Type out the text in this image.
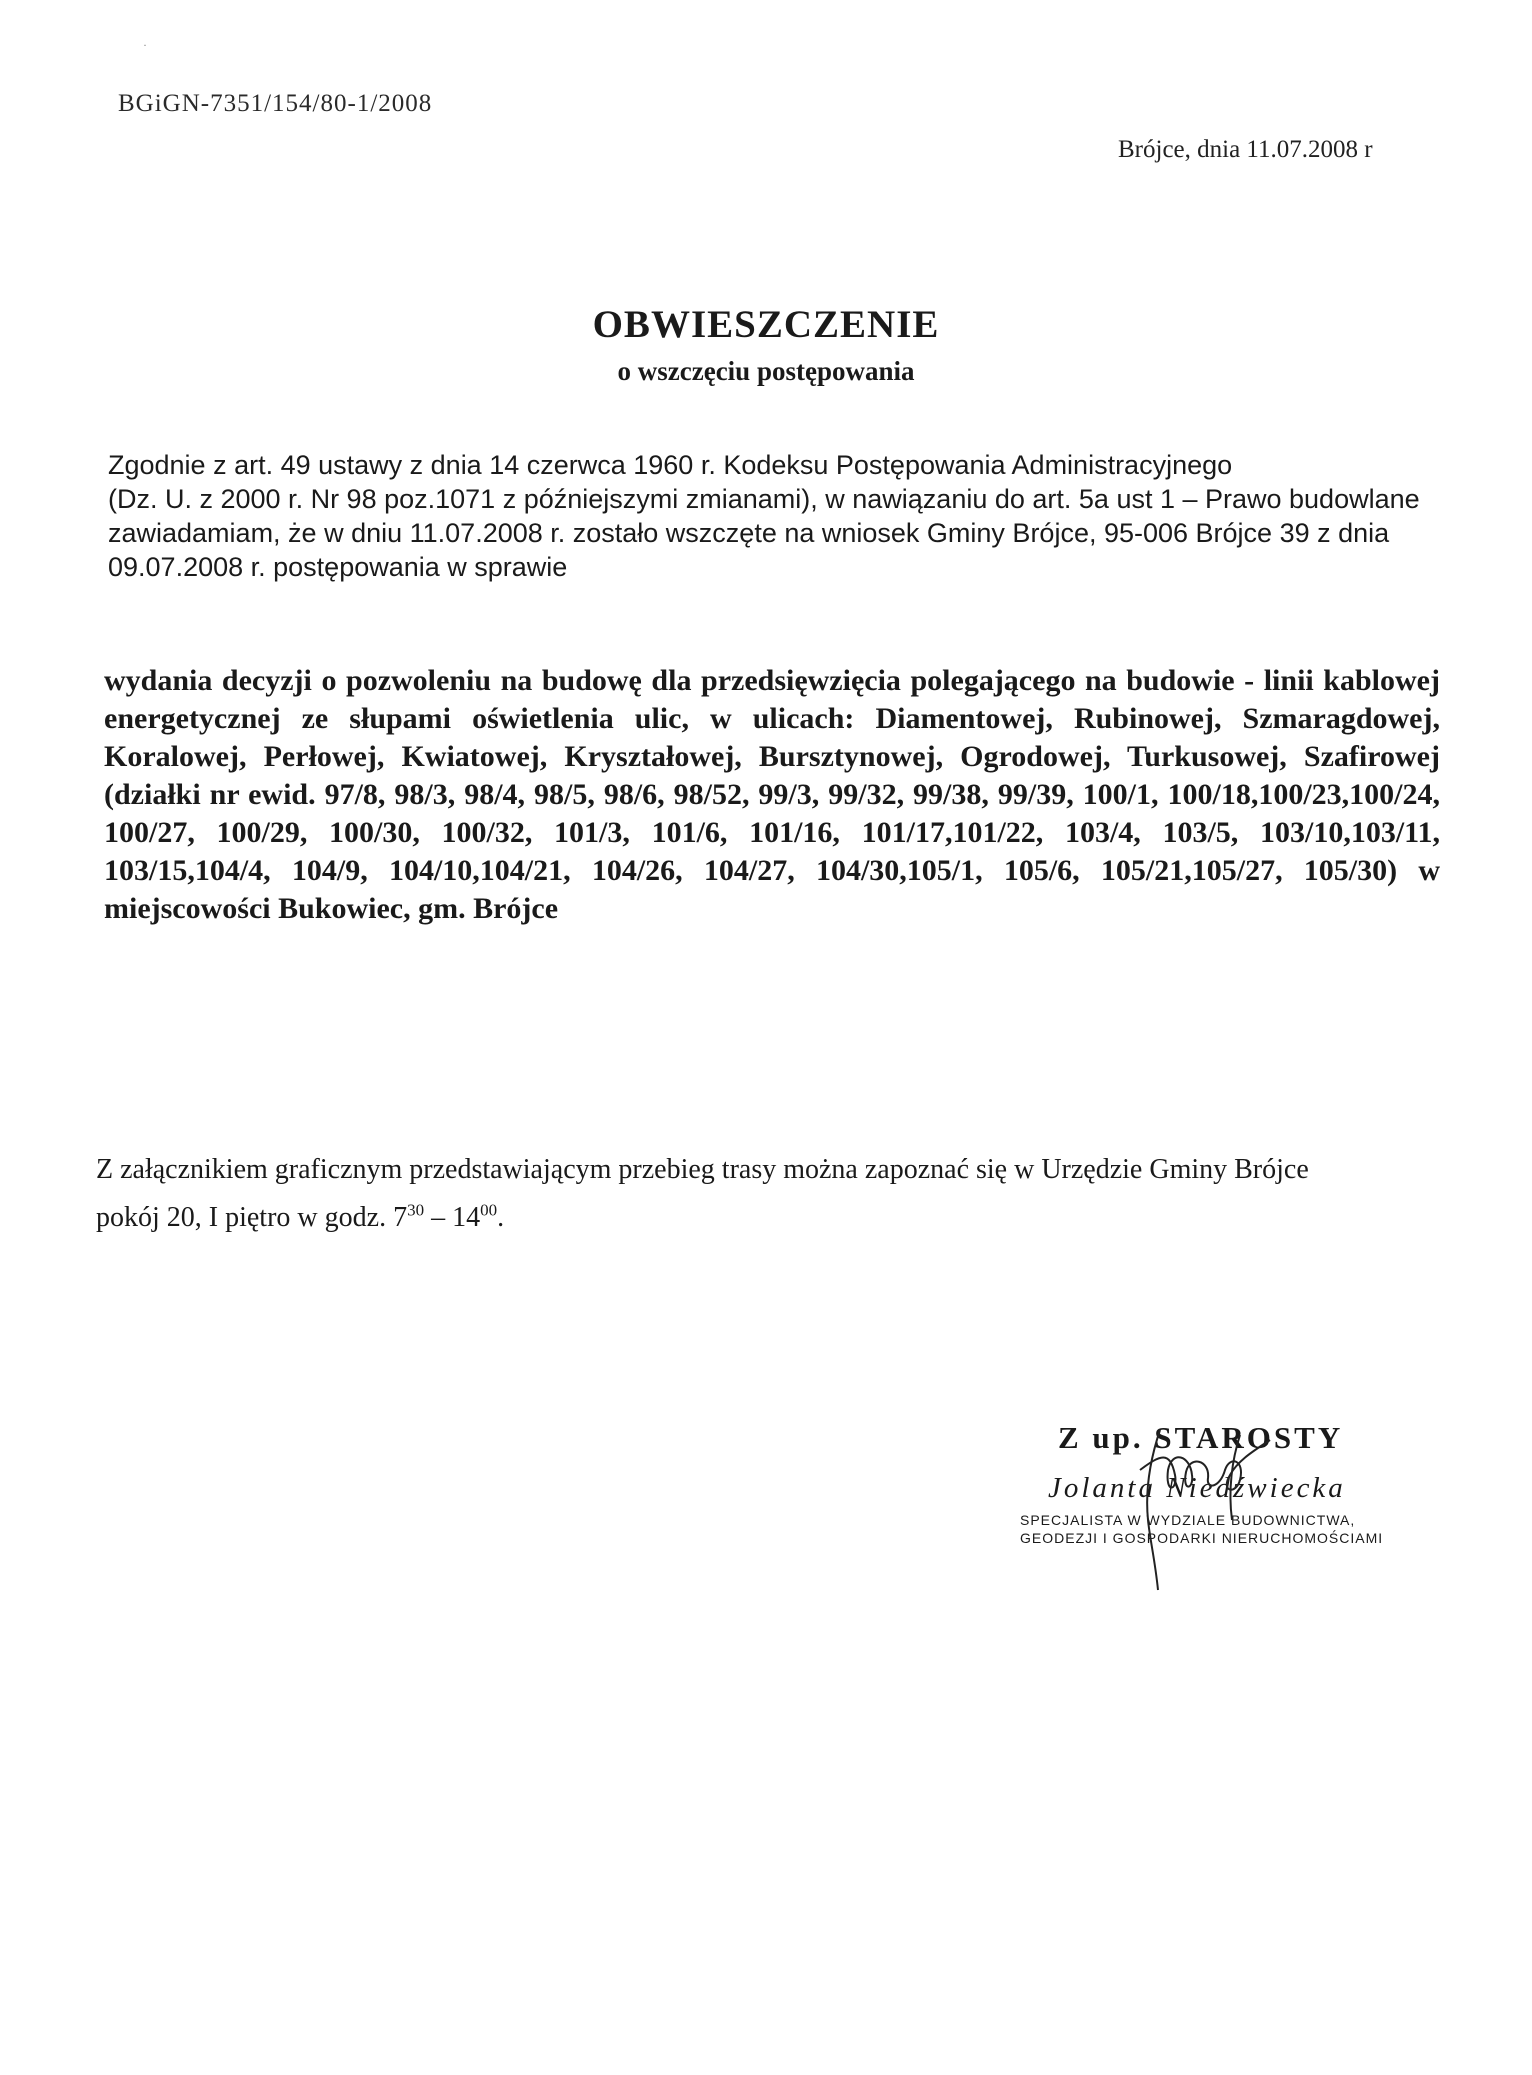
·
BGiGN-7351/154/80-1/2008
Brójce, dnia 11.07.2008 r
OBWIESZCZENIE
o wszczęciu postępowania

Zgodnie z art. 49 ustawy z dnia 14 czerwca 1960 r. Kodeksu Postępowania Administracyjnego

(Dz. U. z 2000 r. Nr 98 poz.1071 z późniejszymi zmianami), w nawiązaniu do art. 5a ust 1 – Prawo budowlane

zawiadamiam, że w dniu 11.07.2008 r. zostało wszczęte na wniosek Gminy Brójce, 95-006 Brójce 39 z dnia

09.07.2008 r. postępowania w sprawie

wydania decyzji o pozwoleniu na budowę dla przedsięwzięcia polegającego na budowie - linii kablowej energetycznej ze słupami oświetlenia ulic, w ulicach: Diamentowej, Rubinowej, Szmaragdowej, Koralowej, Perłowej, Kwiatowej, Kryształowej, Bursztynowej, Ogrodowej, Turkusowej, Szafirowej (działki nr ewid. 97/8, 98/3, 98/4, 98/5, 98/6, 98/52, 99/3, 99/32, 99/38, 99/39, 100/1, 100/18,100/23,100/24, 100/27, 100/29, 100/30, 100/32, 101/3, 101/6, 101/16, 101/17,101/22, 103/4, 103/5, 103/10,103/11, 103/15,104/4, 104/9, 104/10,104/21, 104/26, 104/27, 104/30,105/1, 105/6, 105/21,105/27, 105/30) w miejscowości Bukowiec, gm. Brójce
Z załącznikiem graficznym przedstawiającym przebieg trasy można zapoznać się w Urzędzie Gminy Brójce
pokój 20, I piętro w godz. $7^{30} - 14^{00}$.
Z up. STAROSTY
Jolanta Niedźwiecka
SPECJALISTA W WYDZIALE BUDOWNICTWA,
GEODEZJI I GOSPODARKI NIERUCHOMOŚCIAMI
